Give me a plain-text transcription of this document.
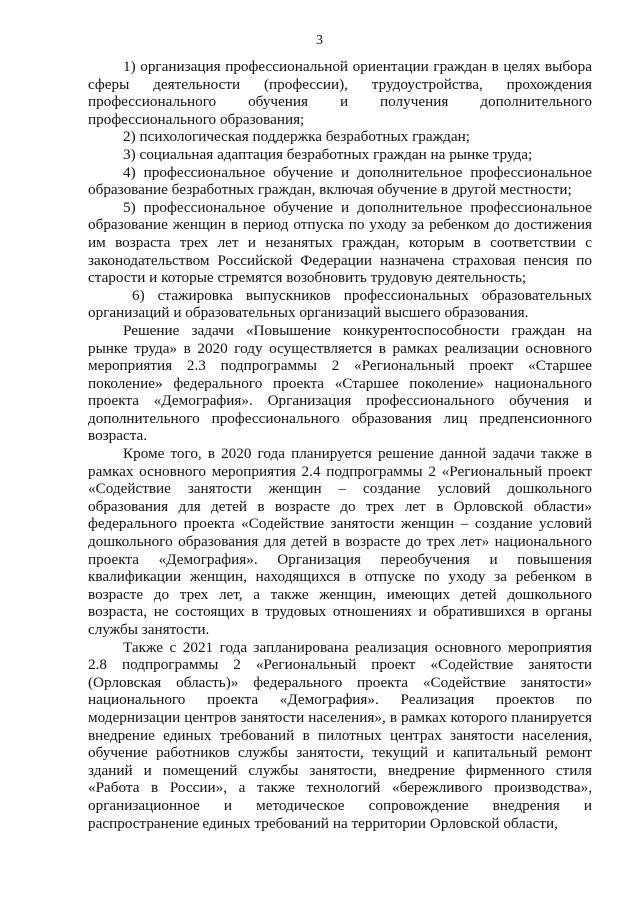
3

1) организация профессиональной ориентации граждан в целях выбора сферы деятельности (профессии), трудоустройства, прохождения профессионального обучения и получения дополнительного профессионального образования;

2) психологическая поддержка безработных граждан;

3) социальная адаптация безработных граждан на рынке труда;

4) профессиональное обучение и дополнительное профессиональное образование безработных граждан, включая обучение в другой местности;

5) профессиональное обучение и дополнительное профессиональное образование женщин в период отпуска по уходу за ребенком до достижения им возраста трех лет и незанятых граждан, которым в соответствии с законодательством Российской Федерации назначена страховая пенсия по старости и которые стремятся возобновить трудовую деятельность;

6) стажировка выпускников профессиональных образовательных организаций и образовательных организаций высшего образования.

Решение задачи «Повышение конкурентоспособности граждан на рынке труда» в 2020 году осуществляется в рамках реализации основного мероприятия 2.3 подпрограммы 2 «Региональный проект «Старшее поколение» федерального проекта «Старшее поколение» национального проекта «Демография». Организация профессионального обучения и дополнительного профессионального образования лиц предпенсионного возраста.

Кроме того, в 2020 года планируется решение данной задачи также в рамках основного мероприятия 2.4 подпрограммы 2 «Региональный проект «Содействие занятости женщин – создание условий дошкольного образования для детей в возрасте до трех лет в Орловской области» федерального проекта «Содействие занятости женщин – создание условий дошкольного образования для детей в возрасте до трех лет» национального проекта «Демография». Организация переобучения и повышения квалификации женщин, находящихся в отпуске по уходу за ребенком в возрасте до трех лет, а также женщин, имеющих детей дошкольного возраста, не состоящих в трудовых отношениях и обратившихся в органы службы занятости.

Также с 2021 года запланирована реализация основного мероприятия 2.8 подпрограммы 2 «Региональный проект «Содействие занятости (Орловская область)» федерального проекта «Содействие занятости» национального проекта «Демография». Реализация проектов по модернизации центров занятости населения», в рамках которого планируется внедрение единых требований в пилотных центрах занятости населения, обучение работников службы занятости, текущий и капитальный ремонт зданий и помещений службы занятости, внедрение фирменного стиля «Работа в России», а также технологий «бережливого производства», организационное и методическое сопровождение внедрения и распространение единых требований на территории Орловской области,
